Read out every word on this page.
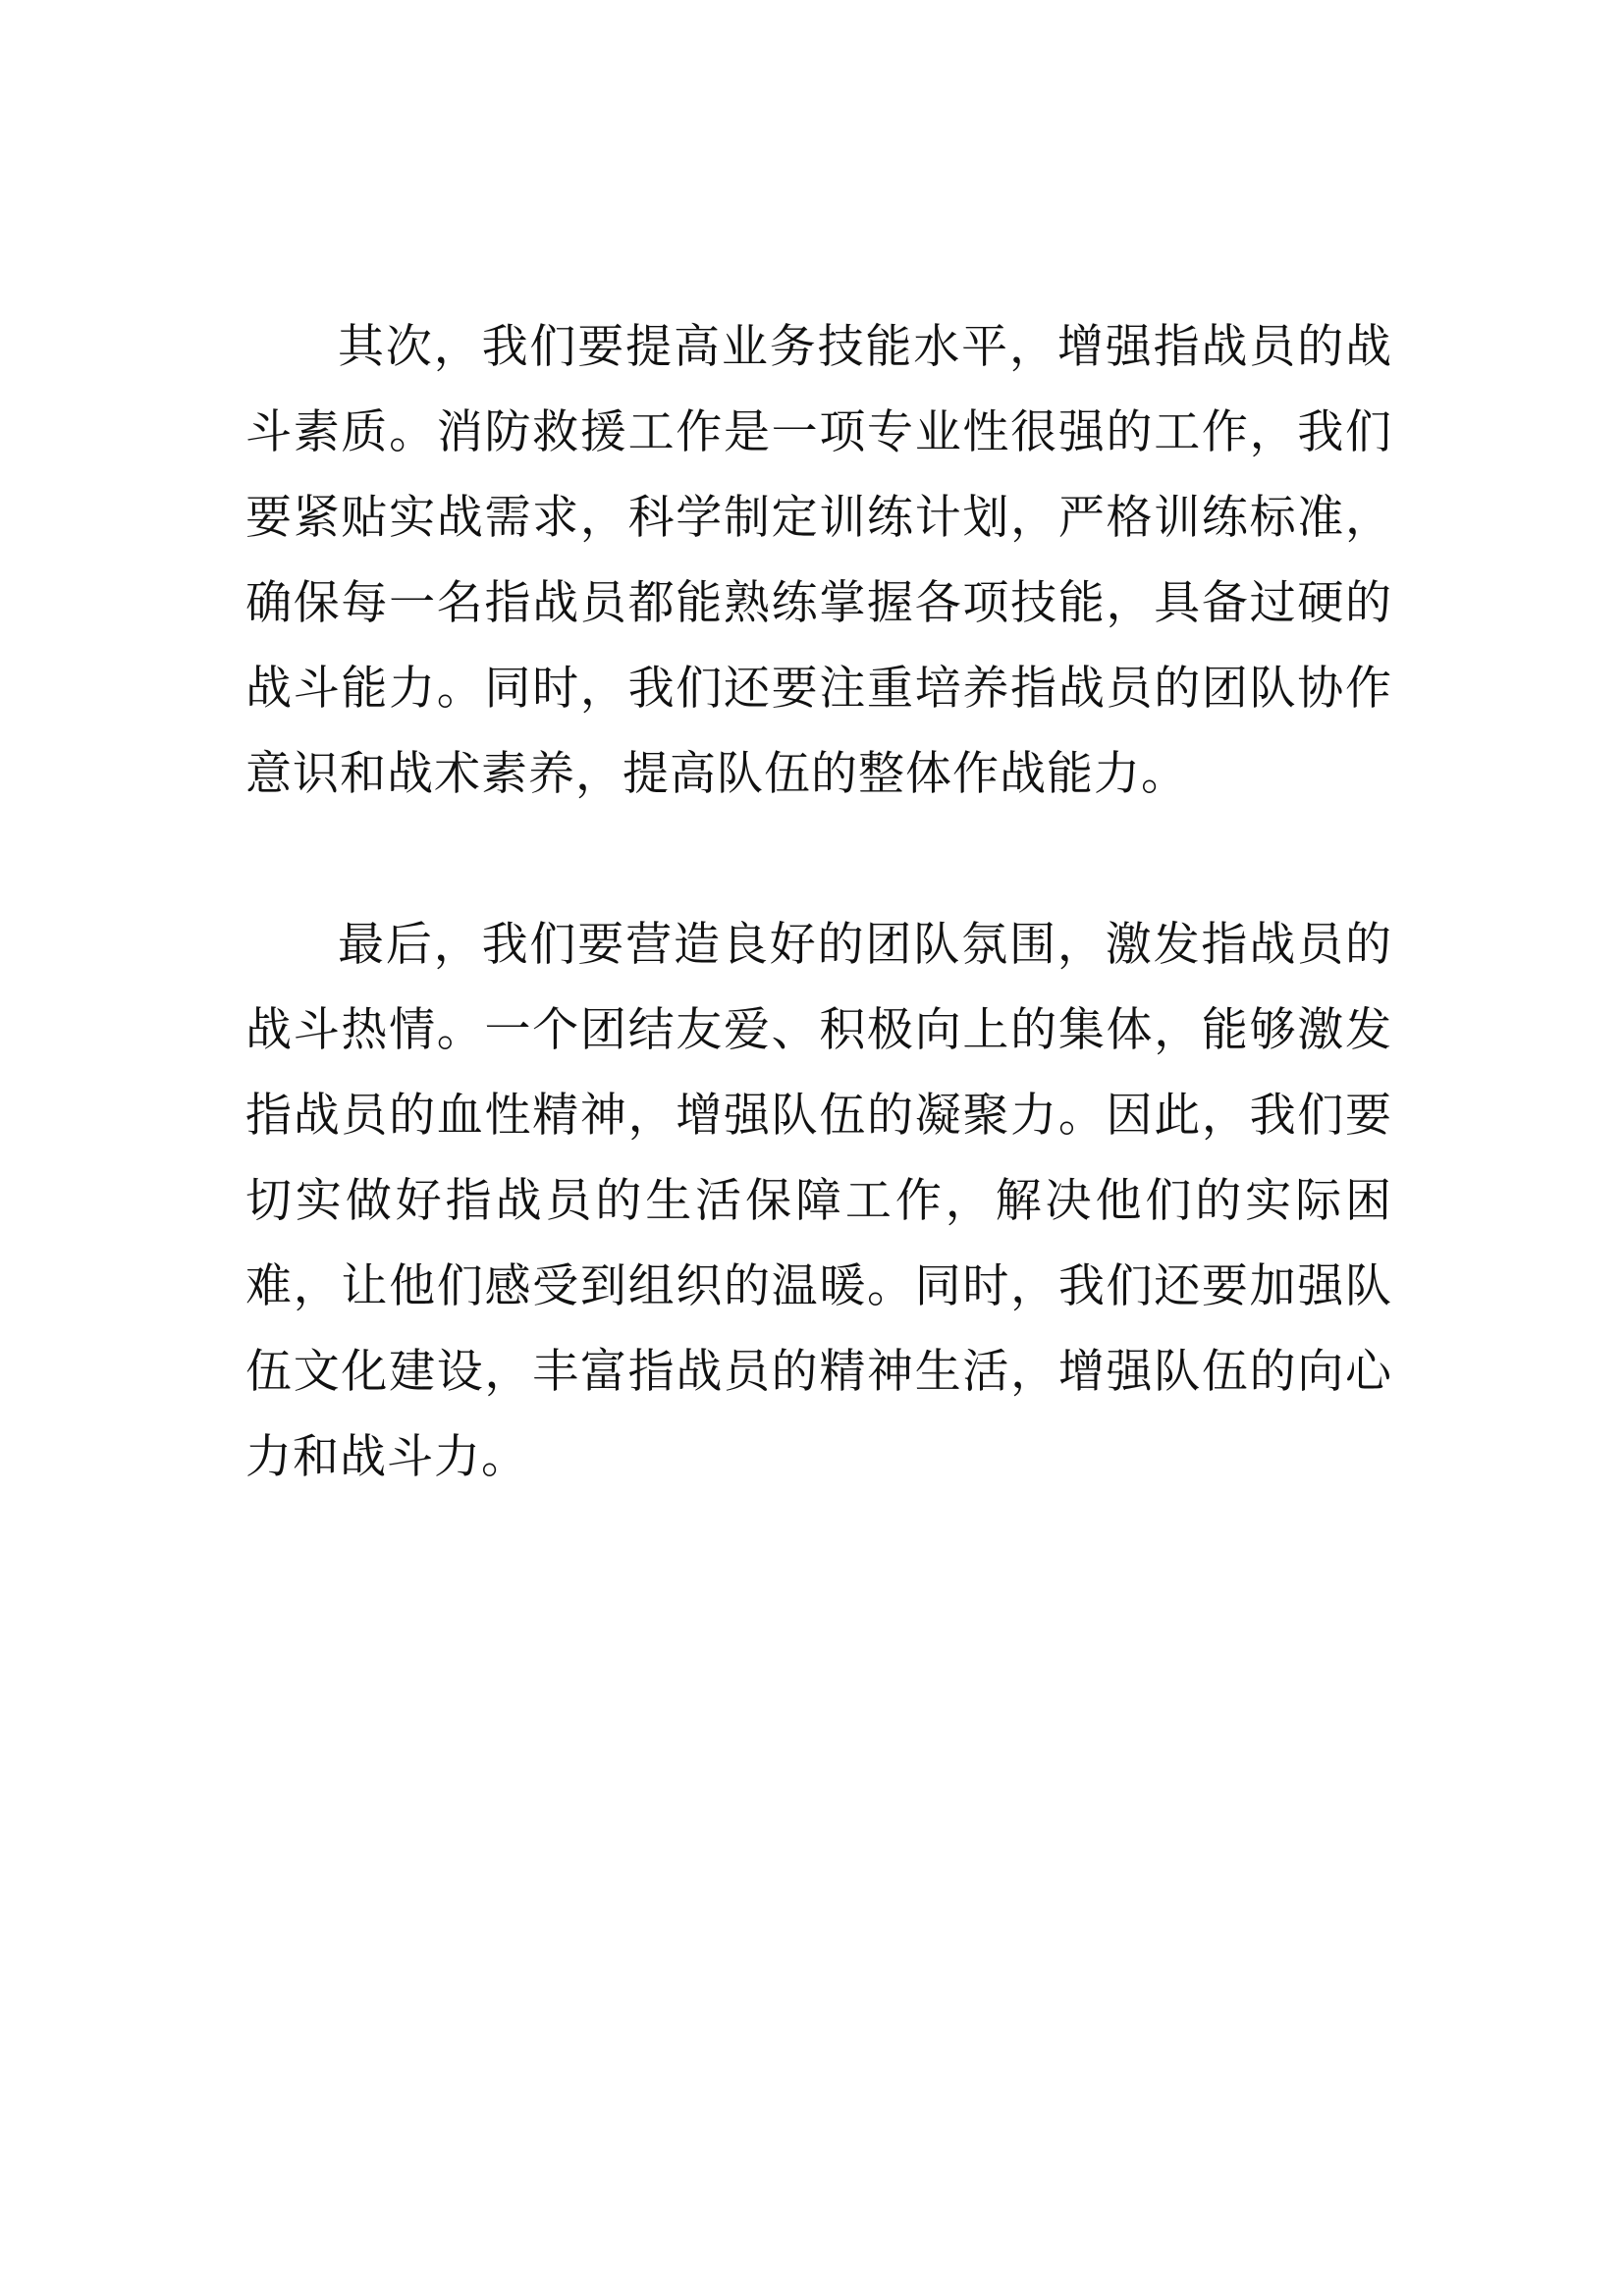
其次，我们要提高业务技能水平，增强指战员的战斗素质。消防救援工作是一项专业性很强的工作，我们要紧贴实战需求，科学制定训练计划，严格训练标准，确保每一名指战员都能熟练掌握各项技能，具备过硬的战斗能力。同时，我们还要注重培养指战员的团队协作意识和战术素养，提高队伍的整体作战能力。

最后，我们要营造良好的团队氛围，激发指战员的战斗热情。一个团结友爱、积极向上的集体，能够激发指战员的血性精神，增强队伍的凝聚力。因此，我们要切实做好指战员的生活保障工作，解决他们的实际困难，让他们感受到组织的温暖。同时，我们还要加强队伍文化建设，丰富指战员的精神生活，增强队伍的向心力和战斗力。
